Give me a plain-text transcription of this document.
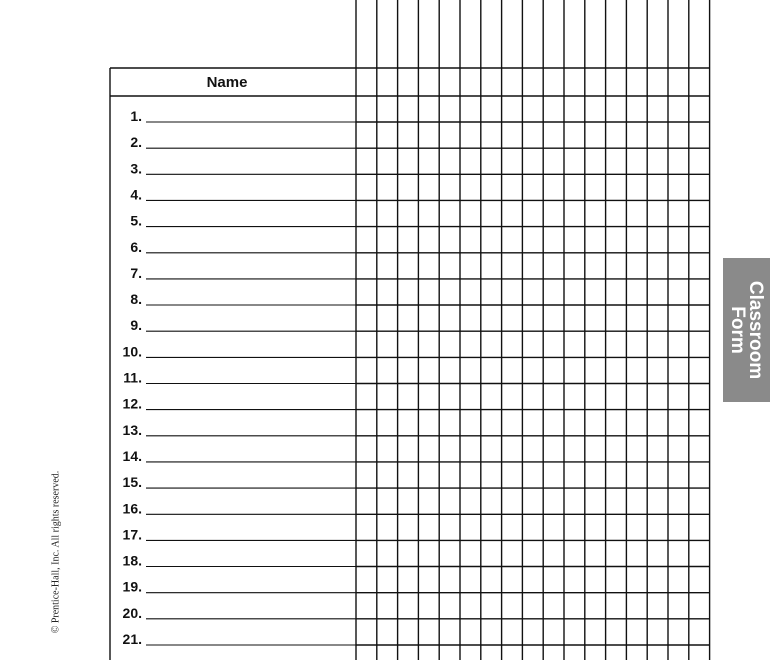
Name
1.
2.
3.
4.
5.
6.
7.
8.
9.
10.
11.
12.
13.
14.
15.
16.
17.
18.
19.
20.
21.
Classroom
Form
© Prentice-Hall, Inc. All rights reserved.
